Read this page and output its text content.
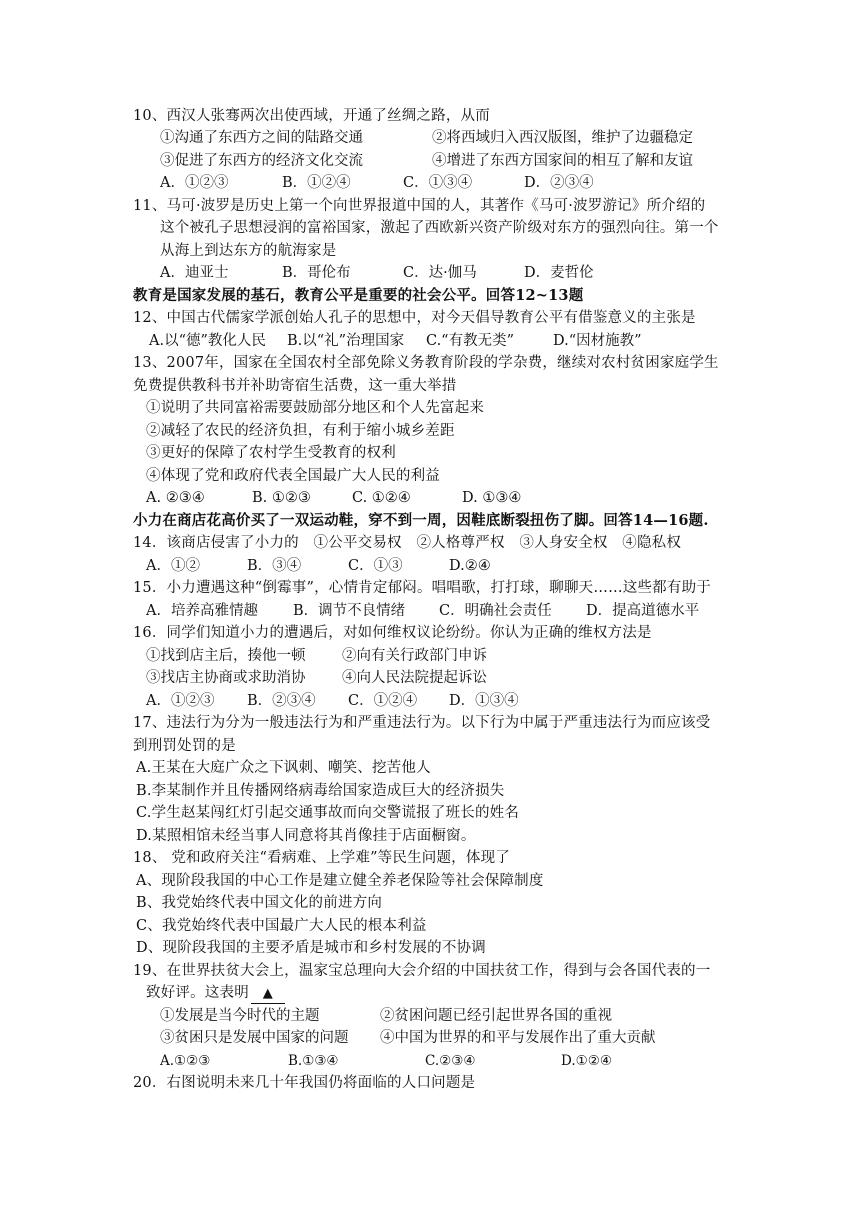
10、西汉人张骞两次出使西域，开通了丝绸之路，从而
①沟通了东西方之间的陆路交通	②将西域归入西汉版图，维护了边疆稳定
③促进了东西方的经济文化交流	④增进了东西方国家间的相互了解和友谊
A．①②③	B．①②④	C．①③④	D．②③④
11、马可·波罗是历史上第一个向世界报道中国的人，其著作《马可·波罗游记》所介绍的
这个被孔子思想浸润的富裕国家，激起了西欧新兴资产阶级对东方的强烈向往。第一个
从海上到达东方的航海家是
A．迪亚士	B．哥伦布	C．达·伽马	D．麦哲伦
教育是国家发展的基石，教育公平是重要的社会公平。回答12~13题
12、中国古代儒家学派创始人孔子的思想中，对今天倡导教育公平有借鉴意义的主张是
A.以“德”教化人民 B.以“礼”治理国家 C.“有教无类”	D.“因材施教”
13、2007年，国家在全国农村全部免除义务教育阶段的学杂费，继续对农村贫困家庭学生
免费提供教科书并补助寄宿生活费，这一重大举措
①说明了共同富裕需要鼓励部分地区和个人先富起来
②减轻了农民的经济负担，有利于缩小城乡差距
③更好的保障了农村学生受教育的权利
④体现了党和政府代表全国最广大人民的利益
A. ②③④	B. ①②③	C. ①②④	D. ①③④
小力在商店花高价买了一双运动鞋，穿不到一周，因鞋底断裂扭伤了脚。回答14—16题.
14．该商店侵害了小力的　①公平交易权　②人格尊严权　③人身安全权　④隐私权
A．①②	B．③④	C．①③	D.②④
15．小力遭遇这种“倒霉事”，心情肯定郁闷。唱唱歌，打打球，聊聊天……这些都有助于
A．培养高雅情趣 B．调节不良情绪 C．明确社会责任 D．提高道德水平
16．同学们知道小力的遭遇后，对如何维权议论纷纷。你认为正确的维权方法是
①找到店主后，揍他一顿	②向有关行政部门申诉
③找店主协商或求助消协	④向人民法院提起诉讼
A．①②③ B．②③④ C．①②④ D．①③④
17、违法行为分为一般违法行为和严重违法行为。以下行为中属于严重违法行为而应该受
到刑罚处罚的是
A.王某在大庭广众之下讽刺、嘲笑、挖苦他人
B.李某制作并且传播网络病毒给国家造成巨大的经济损失
C.学生赵某闯红灯引起交通事故而向交警谎报了班长的姓名
D.某照相馆未经当事人同意将其肖像挂于店面橱窗。
18、 党和政府关注“看病难、上学难”等民生问题，体现了
A、现阶段我国的中心工作是建立健全养老保险等社会保障制度
B、我党始终代表中国文化的前进方向
C、我党始终代表中国最广大人民的根本利益
D、现阶段我国的主要矛盾是城市和乡村发展的不协调
19、在世界扶贫大会上，温家宝总理向大会介绍的中国扶贫工作，得到与会各国代表的一
致好评。这表明 ▲
①发展是当今时代的主题	②贫困问题已经引起世界各国的重视
③贫困只是发展中国家的问题 ④中国为世界的和平与发展作出了重大贡献
A.①②③	B.①③④	C.②③④	D.①②④
20．右图说明未来几十年我国仍将面临的人口问题是
